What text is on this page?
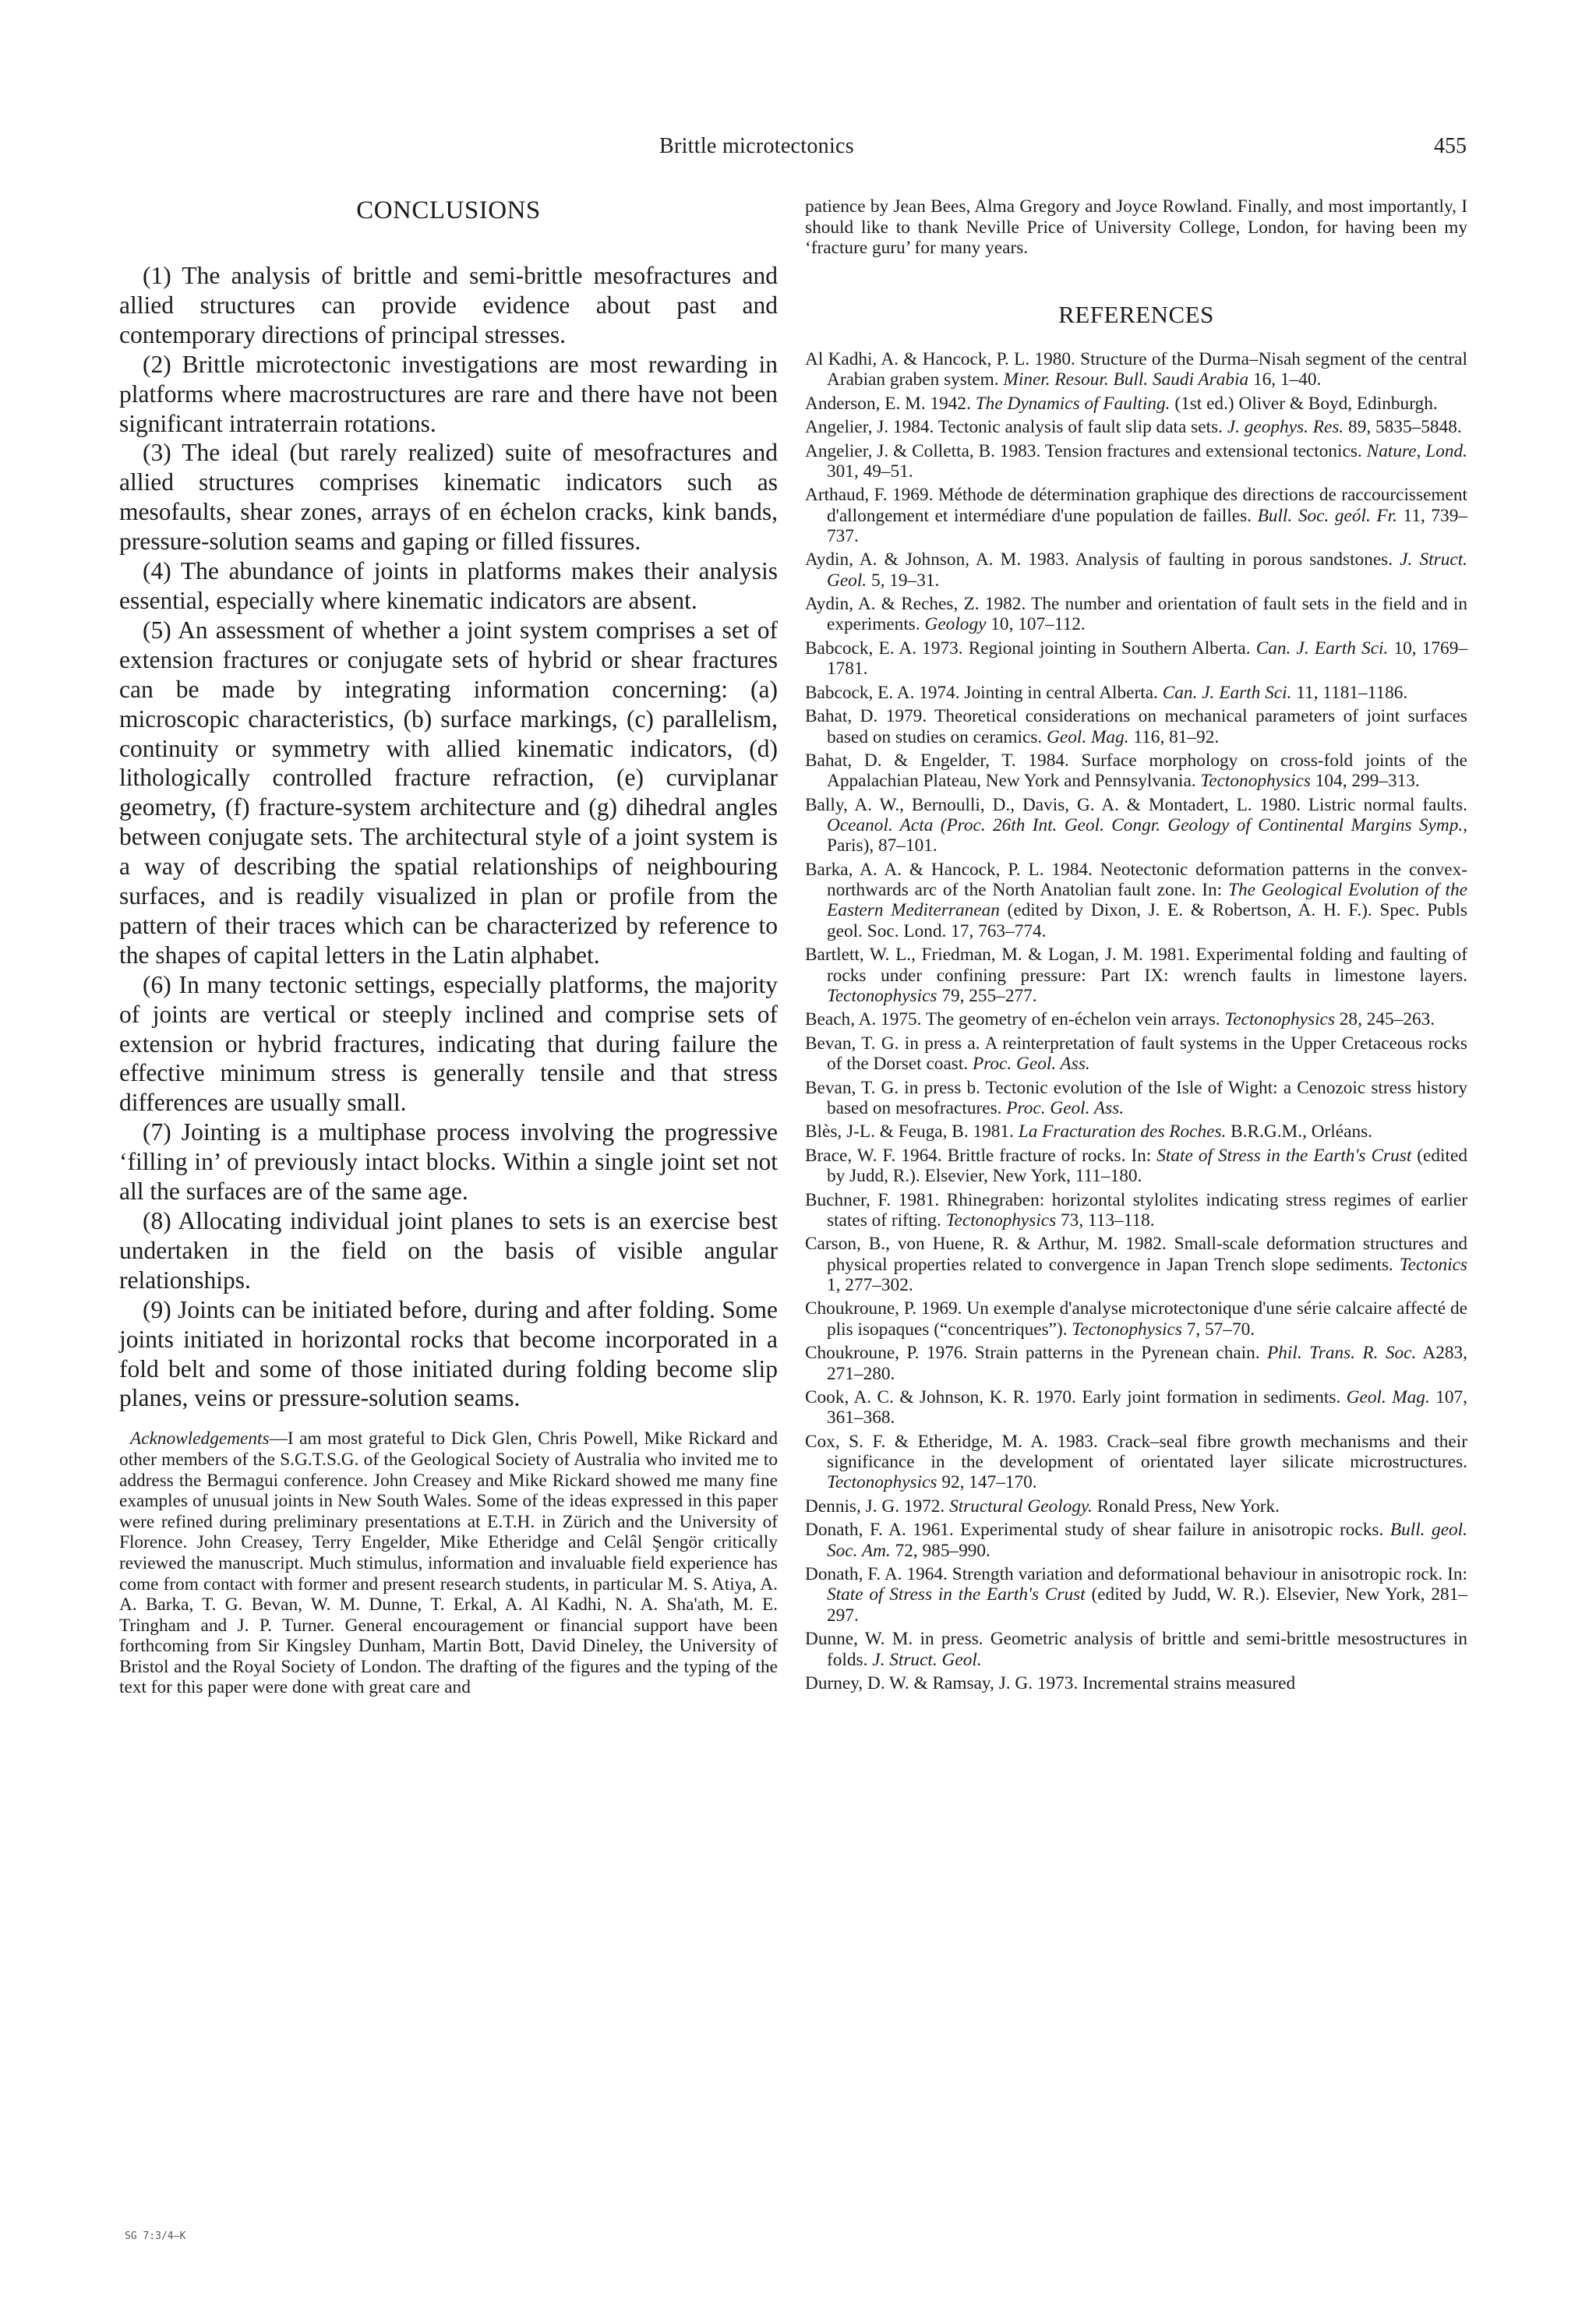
Brittle microtectonics	455
CONCLUSIONS

(1) The analysis of brittle and semi-brittle mesofractures and allied structures can provide evidence about past and contemporary directions of principal stresses.

(2) Brittle microtectonic investigations are most rewarding in platforms where macrostructures are rare and there have not been significant intraterrain rotations.

(3) The ideal (but rarely realized) suite of mesofractures and allied structures comprises kinematic indicators such as mesofaults, shear zones, arrays of en échelon cracks, kink bands, pressure-solution seams and gaping or filled fissures.

(4) The abundance of joints in platforms makes their analysis essential, especially where kinematic indicators are absent.

(5) An assessment of whether a joint system comprises a set of extension fractures or conjugate sets of hybrid or shear fractures can be made by integrating information concerning: (a) microscopic characteristics, (b) surface markings, (c) parallelism, continuity or symmetry with allied kinematic indicators, (d) lithologically controlled fracture refraction, (e) curviplanar geometry, (f) fracture-system architecture and (g) dihedral angles between conjugate sets. The architectural style of a joint system is a way of describing the spatial relationships of neighbouring surfaces, and is readily visualized in plan or profile from the pattern of their traces which can be characterized by reference to the shapes of capital letters in the Latin alphabet.

(6) In many tectonic settings, especially platforms, the majority of joints are vertical or steeply inclined and comprise sets of extension or hybrid fractures, indicating that during failure the effective minimum stress is generally tensile and that stress differences are usually small.

(7) Jointing is a multiphase process involving the progressive ‘filling in’ of previously intact blocks. Within a single joint set not all the surfaces are of the same age.

(8) Allocating individual joint planes to sets is an exercise best undertaken in the field on the basis of visible angular relationships.

(9) Joints can be initiated before, during and after folding. Some joints initiated in horizontal rocks that become incorporated in a fold belt and some of those initiated during folding become slip planes, veins or pressure-solution seams.

Acknowledgements—I am most grateful to Dick Glen, Chris Powell, Mike Rickard and other members of the S.G.T.S.G. of the Geological Society of Australia who invited me to address the Bermagui conference. John Creasey and Mike Rickard showed me many fine examples of unusual joints in New South Wales. Some of the ideas expressed in this paper were refined during preliminary presentations at E.T.H. in Zürich and the University of Florence. John Creasey, Terry Engelder, Mike Etheridge and Celâl Şengör critically reviewed the manuscript. Much stimulus, information and invaluable field experience has come from contact with former and present research students, in particular M. S. Atiya, A. A. Barka, T. G. Bevan, W. M. Dunne, T. Erkal, A. Al Kadhi, N. A. Sha'ath, M. E. Tringham and J. P. Turner. General encouragement or financial support have been forthcoming from Sir Kingsley Dunham, Martin Bott, David Dineley, the University of Bristol and the Royal Society of London. The drafting of the figures and the typing of the text for this paper were done with great care and

patience by Jean Bees, Alma Gregory and Joyce Rowland. Finally, and most importantly, I should like to thank Neville Price of University College, London, for having been my ‘fracture guru’ for many years.

REFERENCES

Al Kadhi, A. & Hancock, P. L. 1980. Structure of the Durma–Nisah segment of the central Arabian graben system. Miner. Resour. Bull. Saudi Arabia 16, 1–40.

Anderson, E. M. 1942. The Dynamics of Faulting. (1st ed.) Oliver & Boyd, Edinburgh.

Angelier, J. 1984. Tectonic analysis of fault slip data sets. J. geophys. Res. 89, 5835–5848.

Angelier, J. & Colletta, B. 1983. Tension fractures and extensional tectonics. Nature, Lond. 301, 49–51.

Arthaud, F. 1969. Méthode de détermination graphique des directions de raccourcissement d'allongement et intermédiare d'une population de failles. Bull. Soc. geól. Fr. 11, 739–737.

Aydin, A. & Johnson, A. M. 1983. Analysis of faulting in porous sandstones. J. Struct. Geol. 5, 19–31.

Aydin, A. & Reches, Z. 1982. The number and orientation of fault sets in the field and in experiments. Geology 10, 107–112.

Babcock, E. A. 1973. Regional jointing in Southern Alberta. Can. J. Earth Sci. 10, 1769–1781.

Babcock, E. A. 1974. Jointing in central Alberta. Can. J. Earth Sci. 11, 1181–1186.

Bahat, D. 1979. Theoretical considerations on mechanical parameters of joint surfaces based on studies on ceramics. Geol. Mag. 116, 81–92.

Bahat, D. & Engelder, T. 1984. Surface morphology on cross-fold joints of the Appalachian Plateau, New York and Pennsylvania. Tectonophysics 104, 299–313.

Bally, A. W., Bernoulli, D., Davis, G. A. & Montadert, L. 1980. Listric normal faults. Oceanol. Acta (Proc. 26th Int. Geol. Congr. Geology of Continental Margins Symp., Paris), 87–101.

Barka, A. A. & Hancock, P. L. 1984. Neotectonic deformation patterns in the convex-northwards arc of the North Anatolian fault zone. In: The Geological Evolution of the Eastern Mediterranean (edited by Dixon, J. E. & Robertson, A. H. F.). Spec. Publs geol. Soc. Lond. 17, 763–774.

Bartlett, W. L., Friedman, M. & Logan, J. M. 1981. Experimental folding and faulting of rocks under confining pressure: Part IX: wrench faults in limestone layers. Tectonophysics 79, 255–277.

Beach, A. 1975. The geometry of en-échelon vein arrays. Tectonophysics 28, 245–263.

Bevan, T. G. in press a. A reinterpretation of fault systems in the Upper Cretaceous rocks of the Dorset coast. Proc. Geol. Ass.

Bevan, T. G. in press b. Tectonic evolution of the Isle of Wight: a Cenozoic stress history based on mesofractures. Proc. Geol. Ass.

Blès, J-L. & Feuga, B. 1981. La Fracturation des Roches. B.R.G.M., Orléans.

Brace, W. F. 1964. Brittle fracture of rocks. In: State of Stress in the Earth's Crust (edited by Judd, R.). Elsevier, New York, 111–180.

Buchner, F. 1981. Rhinegraben: horizontal stylolites indicating stress regimes of earlier states of rifting. Tectonophysics 73, 113–118.

Carson, B., von Huene, R. & Arthur, M. 1982. Small-scale deformation structures and physical properties related to convergence in Japan Trench slope sediments. Tectonics 1, 277–302.

Choukroune, P. 1969. Un exemple d'analyse microtectonique d'une série calcaire affecté de plis isopaques (“concentriques”). Tectonophysics 7, 57–70.

Choukroune, P. 1976. Strain patterns in the Pyrenean chain. Phil. Trans. R. Soc. A283, 271–280.

Cook, A. C. & Johnson, K. R. 1970. Early joint formation in sediments. Geol. Mag. 107, 361–368.

Cox, S. F. & Etheridge, M. A. 1983. Crack–seal fibre growth mechanisms and their significance in the development of orientated layer silicate microstructures. Tectonophysics 92, 147–170.

Dennis, J. G. 1972. Structural Geology. Ronald Press, New York.

Donath, F. A. 1961. Experimental study of shear failure in anisotropic rocks. Bull. geol. Soc. Am. 72, 985–990.

Donath, F. A. 1964. Strength variation and deformational behaviour in anisotropic rock. In: State of Stress in the Earth's Crust (edited by Judd, W. R.). Elsevier, New York, 281–297.

Dunne, W. M. in press. Geometric analysis of brittle and semi-brittle mesostructures in folds. J. Struct. Geol.

Durney, D. W. & Ramsay, J. G. 1973. Incremental strains measured

SG 7:3/4–K
